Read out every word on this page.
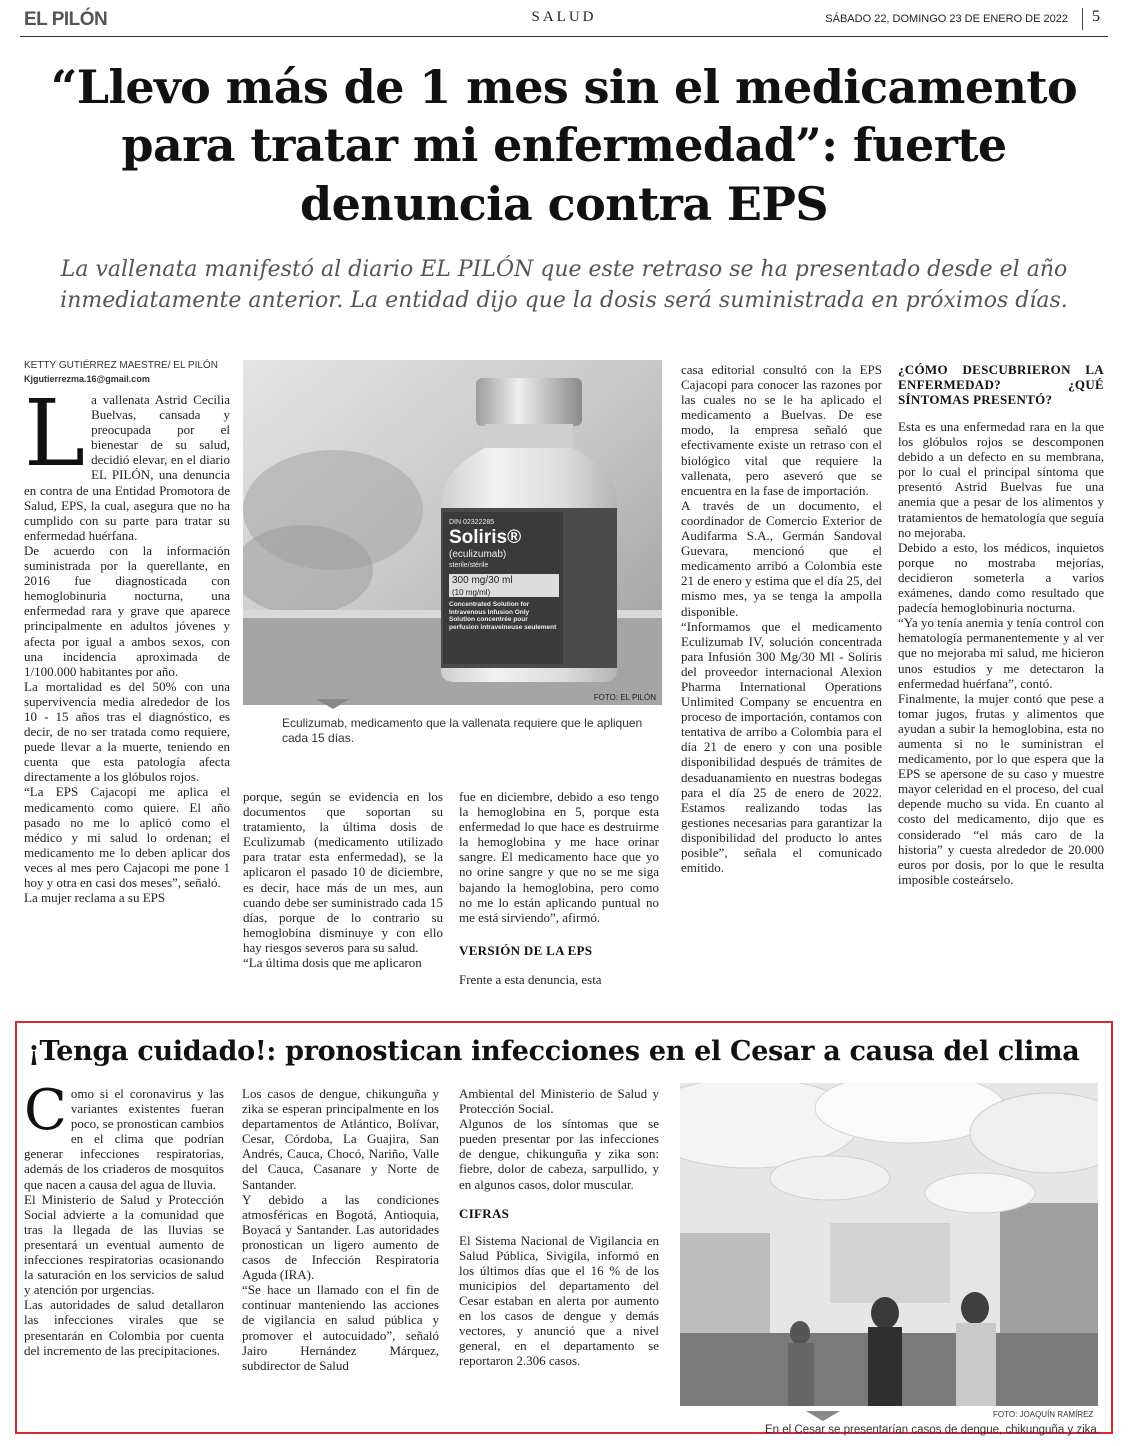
EL PILÓN	SALUD	SÁBADO 22, DOMINGO 23 DE ENERO DE 2022	5
“Llevo más de 1 mes sin el medicamento para tratar mi enfermedad”: fuerte denuncia contra EPS

La vallenata manifestó al diario EL PILÓN que este retraso se ha presentado desde el año inmediatamente anterior. La entidad dijo que la dosis será suministrada en próximos días.

KETTY GUTIÉRREZ MAESTRE/ EL PILÓN
Kjgutierrezma.16@gmail.com
L a vallenata Astrid Cecilia Buelvas, cansada y preocupada por el bienestar de su salud, decidió elevar, en el diario EL PILÓN, una denuncia en contra de una Entidad Promotora de Salud, EPS, la cual, asegura que no ha cumplido con su parte para tratar su enfermedad huérfana.

De acuerdo con la información suministrada por la querellante, en 2016 fue diagnosticada con hemoglobinuria nocturna, una enfermedad rara y grave que aparece principalmente en adultos jóvenes y afecta por igual a ambos sexos, con una incidencia aproximada de 1/100.000 habitantes por año.

La mortalidad es del 50% con una supervivencia media alrededor de los 10 - 15 años tras el diagnóstico, es decir, de no ser tratada como requiere, puede llevar a la muerte, teniendo en cuenta que esta patología afecta directamente a los glóbulos rojos.

“La EPS Cajacopi me aplica el medicamento como quiere. El año pasado no me lo aplicó como el médico y mi salud lo ordenan; el medicamento me lo deben aplicar dos veces al mes pero Cajacopi me pone 1 hoy y otra en casi dos meses”, señaló.

La mujer reclama a su EPS

DIN 02322285
Soliris®
(eculizumab)
sterile/stérile
300 mg/30 ml
(10 mg/ml)
Concentrated Solution for
Intravenous Infusion Only
Solution concentrée pour
perfusion intraveineuse seulement
FOTO: EL PILÓN
Eculizumab, medicamento que la vallenata requiere que le apliquen cada 15 días.

porque, según se evidencia en los documentos que soportan su tratamiento, la última dosis de Eculizumab (medicamento utilizado para tratar esta enfermedad), se la aplicaron el pasado 10 de diciembre, es decir, hace más de un mes, aun cuando debe ser suministrado cada 15 días, porque de lo contrario su hemoglobina disminuye y con ello hay riesgos severos para su salud.

“La última dosis que me aplicaron

fue en diciembre, debido a eso tengo la hemoglobina en 5, porque esta enfermedad lo que hace es destruirme la hemoglobina y me hace orinar sangre. El medicamento hace que yo no orine sangre y que no se me siga bajando la hemoglobina, pero como no me lo están aplicando puntual no me está sirviendo”, afirmó.

VERSIÓN DE LA EPS

Frente a esta denuncia, esta

casa editorial consultó con la EPS Cajacopi para conocer las razones por las cuales no se le ha aplicado el medicamento a Buelvas. De ese modo, la empresa señaló que efectivamente existe un retraso con el biológico vital que requiere la vallenata, pero aseveró que se encuentra en la fase de importación.

A través de un documento, el coordinador de Comercio Exterior de Audifarma S.A., Germán Sandoval Guevara, mencionó que el medicamento arribó a Colombia este 21 de enero y estima que el día 25, del mismo mes, ya se tenga la ampolla disponible.

“Informamos que el medicamento Eculizumab IV, solución concentrada para Infusión 300 Mg/30 Ml - Soliris del proveedor internacional Alexion Pharma International Operations Unlimited Company se encuentra en proceso de importación, contamos con tentativa de arribo a Colombia para el día 21 de enero y con una posible disponibilidad después de trámites de desaduanamiento en nuestras bodegas para el día 25 de enero de 2022. Estamos realizando todas las gestiones necesarias para garantizar la disponibilidad del producto lo antes posible”, señala el comunicado emitido.

¿CÓMO DESCUBRIERON LA ENFERMEDAD? ¿QUÉ SÍNTOMAS PRESENTÓ?

Esta es una enfermedad rara en la que los glóbulos rojos se descomponen debido a un defecto en su membrana, por lo cual el principal síntoma que presentó Astrid Buelvas fue una anemia que a pesar de los alimentos y tratamientos de hematología que seguía no mejoraba.

Debido a esto, los médicos, inquietos porque no mostraba mejorías, decidieron someterla a varios exámenes, dando como resultado que padecía hemoglobinuria nocturna.

“Ya yo tenía anemia y tenía control con hematología permanentemente y al ver que no mejoraba mi salud, me hicieron unos estudios y me detectaron la enfermedad huérfana”, contó.

Finalmente, la mujer contó que pese a tomar jugos, frutas y alimentos que ayudan a subir la hemoglobina, esta no aumenta si no le suministran el medicamento, por lo que espera que la EPS se apersone de su caso y muestre mayor celeridad en el proceso, del cual depende mucho su vida. En cuanto al costo del medicamento, dijo que es considerado “el más caro de la historia” y cuesta alrededor de 20.000 euros por dosis, por lo que le resulta imposible costeárselo.

¡Tenga cuidado!: pronostican infecciones en el Cesar a causa del clima
C omo si el coronavirus y las variantes existentes fueran poco, se pronostican cambios en el clima que podrían generar infecciones respiratorias, además de los criaderos de mosquitos que nacen a causa del agua de lluvia.

El Ministerio de Salud y Protección Social advierte a la comunidad que tras la llegada de las lluvias se presentará un eventual aumento de infecciones respiratorias ocasionando la saturación en los servicios de salud y atención por urgencias.

Las autoridades de salud detallaron las infecciones virales que se presentarán en Colombia por cuenta del incremento de las precipitaciones.

Los casos de dengue, chikunguña y zika se esperan principalmente en los departamentos de Atlántico, Bolívar, Cesar, Córdoba, La Guajira, San Andrés, Cauca, Chocó, Nariño, Valle del Cauca, Casanare y Norte de Santander.

Y debido a las condiciones atmosféricas en Bogotá, Antioquia, Boyacá y Santander. Las autoridades pronostican un ligero aumento de casos de Infección Respiratoria Aguda (IRA).

“Se hace un llamado con el fin de continuar manteniendo las acciones de vigilancia en salud pública y promover el autocuidado”, señaló Jairo Hernández Márquez, subdirector de Salud

Ambiental del Ministerio de Salud y Protección Social.

Algunos de los síntomas que se pueden presentar por las infecciones de dengue, chikunguña y zika son: fiebre, dolor de cabeza, sarpullido, y en algunos casos, dolor muscular.

CIFRAS

El Sistema Nacional de Vigilancia en Salud Pública, Sivigila, informó en los últimos días que el 16 % de los municipios del departamento del Cesar estaban en alerta por aumento en los casos de dengue y demás vectores, y anunció que a nivel general, en el departamento se reportaron 2.306 casos.

FOTO: JOAQUÍN RAMÍREZ
En el Cesar se presentarían casos de dengue, chikunguña y zika.
